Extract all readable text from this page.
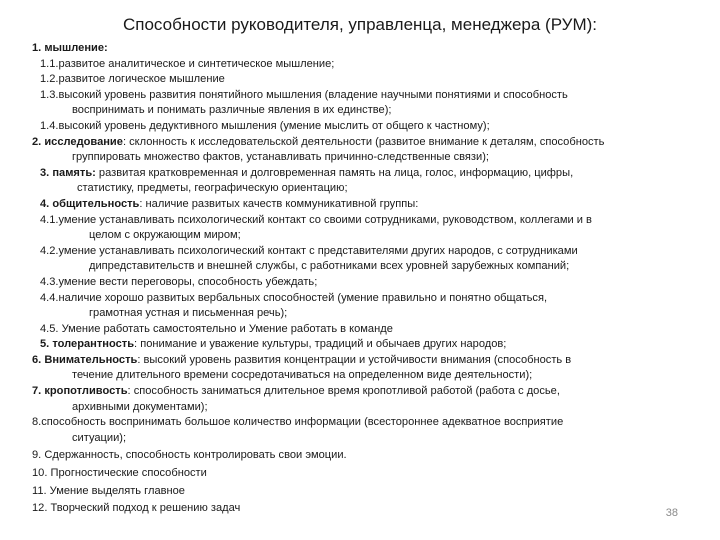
Способности руководителя, управленца, менеджера (РУМ):
1. мышление:
1.1.развитое аналитическое и синтетическое мышление;
1.2.развитое логическое мышление
1.3.высокий уровень развития понятийного мышления (владение научными понятиями и способность
воспринимать и понимать различные явления в их единстве);
1.4.высокий уровень дедуктивного мышления (умение мыслить от общего к частному);
2. исследование: склонность к исследовательской деятельности (развитое внимание к деталям, способность
группировать множество фактов, устанавливать причинно-следственные связи);
3. память: развитая кратковременная и долговременная память на лица, голос, информацию, цифры,
статистику, предметы, географическую ориентацию;
4. общительность: наличие развитых качеств коммуникативной группы:
4.1.умение устанавливать психологический контакт со своими сотрудниками, руководством, коллегами и в
целом с окружающим миром;
4.2.умение устанавливать психологический контакт с представителями других народов, с сотрудниками
дипредставительств и внешней службы, с работниками всех уровней зарубежных компаний;
4.3.умение вести переговоры, способность убеждать;
4.4.наличие хорошо развитых вербальных способностей (умение правильно и понятно общаться,
грамотная устная и письменная речь);
4.5. Умение работать самостоятельно и Умение работать в команде
5. толерантность: понимание и уважение культуры, традиций и обычаев других народов;
6. Внимательность: высокий уровень развития концентрации и устойчивости внимания (способность в
течение длительного времени сосредотачиваться на определенном виде деятельности);
7. кропотливость: способность заниматься длительное время кропотливой работой (работа с досье,
архивными документами);
8.способность воспринимать большое количество информации (всестороннее адекватное восприятие
ситуации);
9. Сдержанность, способность контролировать свои эмоции.
10. Прогностические способности
11. Умение выделять главное
12. Творческий подход к решению задач	38
